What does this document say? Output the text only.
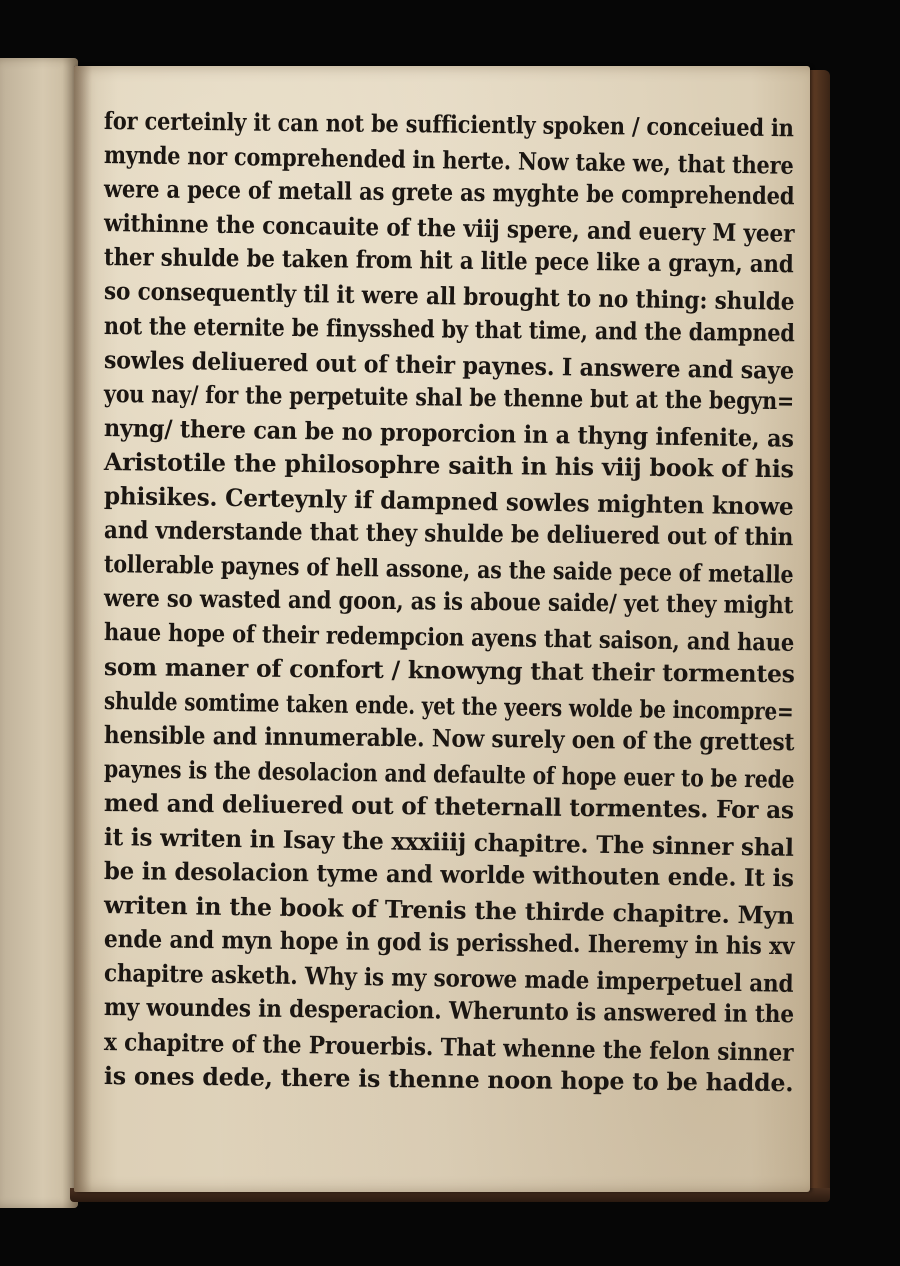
for certeinly it can not be sufficiently spoken / conceiued in
mynde nor comprehended in herte. Now take we, that there
were a pece of metall as grete as myghte be comprehended
withinne the concauite of the viij spere, and euery M yeer
ther shulde be taken from hit a litle pece like a grayn, and
so consequently til it were all brought to no thing: shulde
not the eternite be finysshed by that time, and the dampned
sowles deliuered out of their paynes. I answere and saye
you nay/ for the perpetuite shal be thenne but at the begyn=
nyng/ there can be no proporcion in a thyng infenite, as
Aristotile the philosophre saith in his viij book of his
phisikes. Certeynly if dampned sowles mighten knowe
and vnderstande that they shulde be deliuered out of thin
tollerable paynes of hell assone, as the saide pece of metalle
were so wasted and goon, as is aboue saide/ yet they might
haue hope of their redempcion ayens that saison, and haue
som maner of confort / knowyng that their tormentes
shulde somtime taken ende. yet the yeers wolde be incompre=
hensible and innumerable. Now surely oen of the grettest
paynes is the desolacion and defaulte of hope euer to be rede
med and deliuered out of theternall tormentes. For as
it is writen in Isay the xxxiiij chapitre. The sinner shal
be in desolacion tyme and worlde withouten ende. It is
writen in the book of Trenis the thirde chapitre. Myn
ende and myn hope in god is perisshed. Iheremy in his xv
chapitre asketh. Why is my sorowe made imperpetuel and
my woundes in desperacion. Wherunto is answered in the
x chapitre of the Prouerbis. That whenne the felon sinner
is ones dede, there is thenne noon hope to be hadde.
